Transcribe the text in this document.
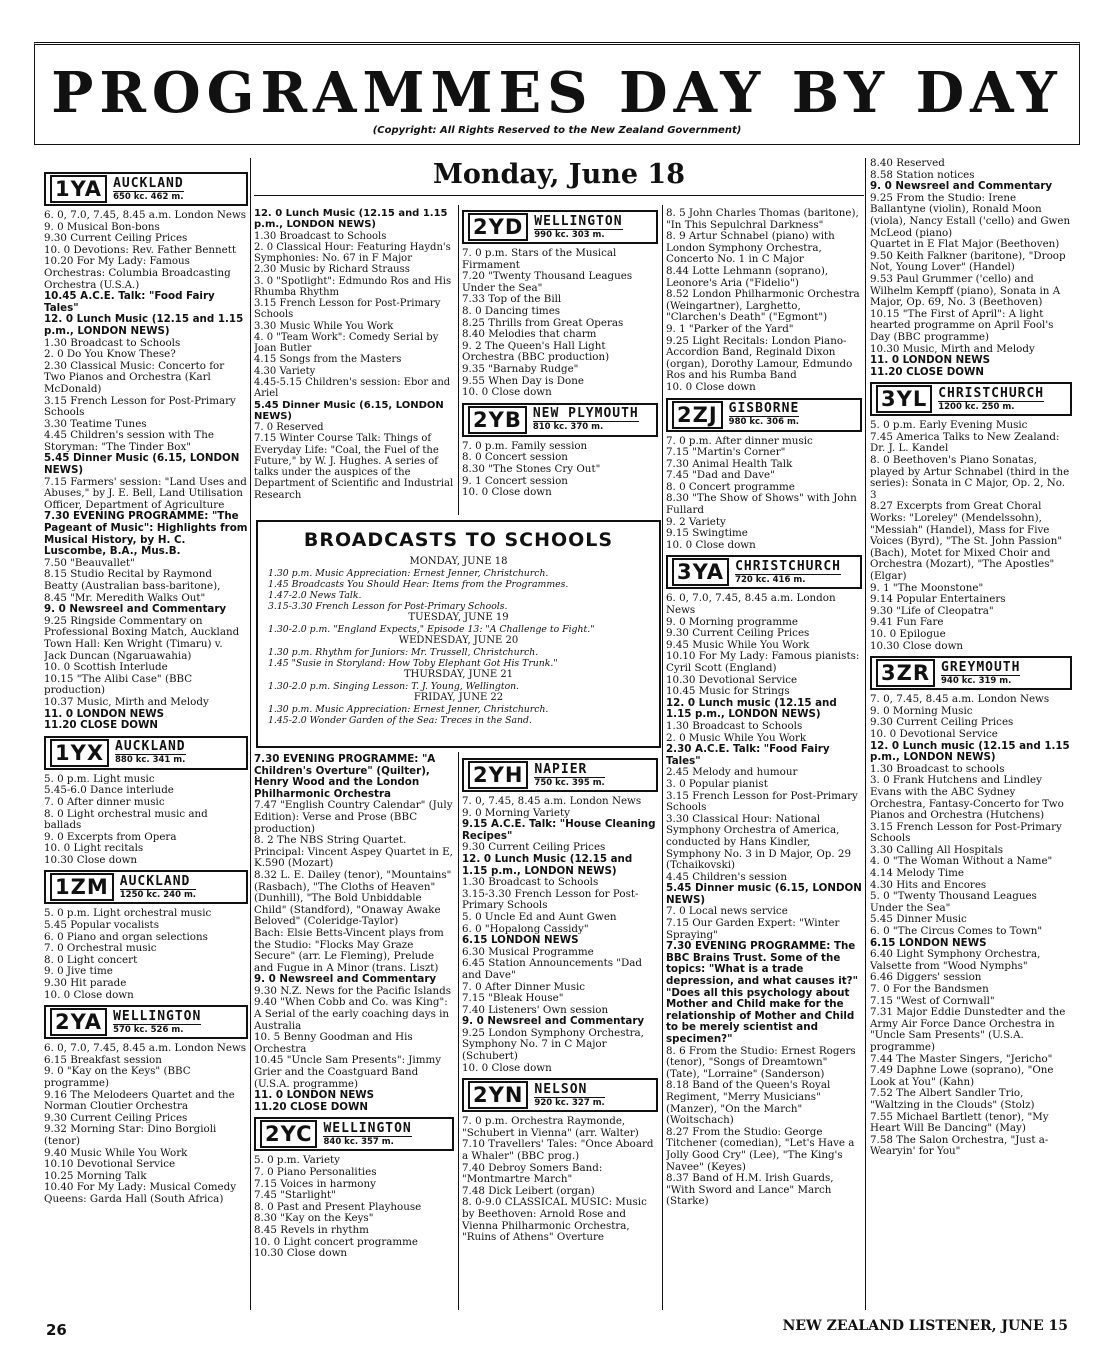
PROGRAMMES DAY BY DAY
(Copyright: All Rights Reserved to the New Zealand Government)
Monday, June 18
1YA AUCKLAND
650 kc. 462 m.
6. 0, 7.0, 7.45, 8.45 a.m. London News
9. 0 Musical Bon-bons
9.30 Current Ceiling Prices
10. 0 Devotions: Rev. Father Bennett
10.20 For My Lady: Famous Orchestras: Columbia Broadcasting Orchestra (U.S.A.)
10.45 A.C.E. Talk: "Food Fairy Tales"
12. 0 Lunch Music (12.15 and 1.15 p.m., LONDON NEWS)
1.30 Broadcast to Schools
2. 0 Do You Know These?
2.30 Classical Music: Concerto for Two Pianos and Orchestra (Karl McDonald)
3.15 French Lesson for Post-Primary Schools
3.30 Teatime Tunes
4.45 Children's session with The Storyman: "The Tinder Box"
5.45 Dinner Music (6.15, LONDON NEWS)
7.15 Farmers' session: "Land Uses and Abuses," by J. E. Bell, Land Utilisation Officer, Department of Agriculture
7.30 EVENING PROGRAMME: "The Pageant of Music": Highlights from Musical History, by H. C. Luscombe, B.A., Mus.B.
7.50 "Beauvallet"
8.15 Studio Recital by Raymond Beatty (Australian bass-baritone),
8.45 "Mr. Meredith Walks Out"
9. 0 Newsreel and Commentary
9.25 Ringside Commentary on Professional Boxing Match, Auckland Town Hall: Ken Wright (Timaru) v. Jack Duncan (Ngaruawahia)
10. 0 Scottish Interlude
10.15 "The Alibi Case" (BBC production)
10.37 Music, Mirth and Melody
11. 0 LONDON NEWS
11.20 CLOSE DOWN
1YX AUCKLAND
880 kc. 341 m.
5. 0 p.m. Light music
5.45-6.0 Dance interlude
7. 0 After dinner music
8. 0 Light orchestral music and ballads
9. 0 Excerpts from Opera
10. 0 Light recitals
10.30 Close down
1ZM AUCKLAND
1250 kc. 240 m.
5. 0 p.m. Light orchestral music
5.45 Popular vocalists
6. 0 Piano and organ selections
7. 0 Orchestral music
8. 0 Light concert
9. 0 Jive time
9.30 Hit parade
10. 0 Close down
2YA WELLINGTON
570 kc. 526 m.
6. 0, 7.0, 7.45, 8.45 a.m. London News
6.15 Breakfast session
9. 0 "Kay on the Keys" (BBC programme)
9.16 The Melodeers Quartet and the Norman Cloutier Orchestra
9.30 Current Ceiling Prices
9.32 Morning Star: Dino Borgioli (tenor)
9.40 Music While You Work
10.10 Devotional Service
10.25 Morning Talk
10.40 For My Lady: Musical Comedy Queens: Garda Hall (South Africa)
12. 0 Lunch Music (12.15 and 1.15 p.m., LONDON NEWS)
1.30 Broadcast to Schools
2. 0 Classical Hour: Featuring Haydn's Symphonies: No. 67 in F Major
2.30 Music by Richard Strauss
3. 0 "Spotlight": Edmundo Ros and His Rhumba Rhythm
3.15 French Lesson for Post-Primary Schools
3.30 Music While You Work
4. 0 "Team Work": Comedy Serial by Joan Butler
4.15 Songs from the Masters
4.30 Variety
4.45-5.15 Children's session: Ebor and Ariel
5.45 Dinner Music (6.15, LONDON NEWS)
7. 0 Reserved
7.15 Winter Course Talk: Things of Everyday Life: "Coal, the Fuel of the Future," by W. J. Hughes. A series of talks under the auspices of the Department of Scientific and Industrial Research
2YD WELLINGTON
990 kc. 303 m.
7. 0 p.m. Stars of the Musical Firmament
7.20 "Twenty Thousand Leagues Under the Sea"
7.33 Top of the Bill
8. 0 Dancing times
8.25 Thrills from Great Operas
8.40 Melodies that charm
9. 2 The Queen's Hall Light Orchestra (BBC production)
9.35 "Barnaby Rudge"
9.55 When Day is Done
10. 0 Close down
2YB NEW PLYMOUTH
810 kc. 370 m.
7. 0 p.m. Family session
8. 0 Concert session
8.30 "The Stones Cry Out"
9. 1 Concert session
10. 0 Close down
BROADCASTS TO SCHOOLS
MONDAY, JUNE 18
1.30 p.m. Music Appreciation: Ernest Jenner, Christchurch.
1.45 Broadcasts You Should Hear: Items from the Programmes.
1.47-2.0 News Talk.
3.15-3.30 French Lesson for Post-Primary Schools.
TUESDAY, JUNE 19
1.30-2.0 p.m. "England Expects," Episode 13: "A Challenge to Fight."
WEDNESDAY, JUNE 20
1.30 p.m. Rhythm for Juniors: Mr. Trussell, Christchurch.
1.45 "Susie in Storyland: How Toby Elephant Got His Trunk."
THURSDAY, JUNE 21
1.30-2.0 p.m. Singing Lesson: T. J. Young, Wellington.
FRIDAY, JUNE 22
1.30 p.m. Music Appreciation: Ernest Jenner, Christchurch.
1.45-2.0 Wonder Garden of the Sea: Treces in the Sand.
7.30 EVENING PROGRAMME: "A Children's Overture" (Quilter), Henry Wood and the London Philharmonic Orchestra
7.47 "English Country Calendar" (July Edition): Verse and Prose (BBC production)
8. 2 The NBS String Quartet. Principal: Vincent Aspey Quartet in E, K.590 (Mozart)
8.32 L. E. Dailey (tenor), "Mountains" (Rasbach), "The Cloths of Heaven" (Dunhill), "The Bold Unbiddable Child" (Standford), "Onaway Awake Beloved" (Coleridge-Taylor)
Bach: Elsie Betts-Vincent plays from the Studio: "Flocks May Graze Secure" (arr. Le Fleming), Prelude and Fugue in A Minor (trans. Liszt)
9. 0 Newsreel and Commentary
9.30 N.Z. News for the Pacific Islands
9.40 "When Cobb and Co. was King": A Serial of the early coaching days in Australia
10. 5 Benny Goodman and His Orchestra
10.45 "Uncle Sam Presents": Jimmy Grier and the Coastguard Band (U.S.A. programme)
11. 0 LONDON NEWS
11.20 CLOSE DOWN
2YC WELLINGTON
840 kc. 357 m.
5. 0 p.m. Variety
7. 0 Piano Personalities
7.15 Voices in harmony
7.45 "Starlight"
8. 0 Past and Present Playhouse
8.30 "Kay on the Keys"
8.45 Revels in rhythm
10. 0 Light concert programme
10.30 Close down
2YH NAPIER
750 kc. 395 m.
7. 0, 7.45, 8.45 a.m. London News
9. 0 Morning Variety
9.15 A.C.E. Talk: "House Cleaning Recipes"
9.30 Current Ceiling Prices
12. 0 Lunch Music (12.15 and 1.15 p.m., LONDON NEWS)
1.30 Broadcast to Schools
3.15-3.30 French Lesson for Post-Primary Schools
5. 0 Uncle Ed and Aunt Gwen
6. 0 "Hopalong Cassidy"
6.15 LONDON NEWS
6.30 Musical Programme
6.45 Station Announcements "Dad and Dave"
7. 0 After Dinner Music
7.15 "Bleak House"
7.40 Listeners' Own session
9. 0 Newsreel and Commentary
9.25 London Symphony Orchestra, Symphony No. 7 in C Major (Schubert)
10. 0 Close down
2YN NELSON
920 kc. 327 m.
7. 0 p.m. Orchestra Raymonde, "Schubert in Vienna" (arr. Walter)
7.10 Travellers' Tales: "Once Aboard a Whaler" (BBC prog.)
7.40 Debroy Somers Band: "Montmartre March"
7.48 Dick Leibert (organ)
8. 0-9.0 CLASSICAL MUSIC: Music by Beethoven: Arnold Rose and Vienna Philharmonic Orchestra, "Ruins of Athens" Overture
8. 5 John Charles Thomas (baritone), "In This Sepulchral Darkness"
8. 9 Artur Schnabel (piano) with London Symphony Orchestra, Concerto No. 1 in C Major
8.44 Lotte Lehmann (soprano), Leonore's Aria ("Fidelio")
8.52 London Philharmonic Orchestra (Weingartner), Larghetto, "Clarchen's Death" ("Egmont")
9. 1 "Parker of the Yard"
9.25 Light Recitals: London Piano-Accordion Band, Reginald Dixon (organ), Dorothy Lamour, Edmundo Ros and his Rumba Band
10. 0 Close down
2ZJ GISBORNE
980 kc. 306 m.
7. 0 p.m. After dinner music
7.15 "Martin's Corner"
7.30 Animal Health Talk
7.45 "Dad and Dave"
8. 0 Concert programme
8.30 "The Show of Shows" with John Fullard
9. 2 Variety
9.15 Swingtime
10. 0 Close down
3YA CHRISTCHURCH
720 kc. 416 m.
6. 0, 7.0, 7.45, 8.45 a.m. London News
9. 0 Morning programme
9.30 Current Ceiling Prices
9.45 Music While You Work
10.10 For My Lady: Famous pianists: Cyril Scott (England)
10.30 Devotional Service
10.45 Music for Strings
12. 0 Lunch music (12.15 and 1.15 p.m., LONDON NEWS)
1.30 Broadcast to Schools
2. 0 Music While You Work
2.30 A.C.E. Talk: "Food Fairy Tales"
2.45 Melody and humour
3. 0 Popular pianist
3.15 French Lesson for Post-Primary Schools
3.30 Classical Hour: National Symphony Orchestra of America, conducted by Hans Kindler, Symphony No. 3 in D Major, Op. 29 (Tchaikovski)
4.45 Children's session
5.45 Dinner music (6.15, LONDON NEWS)
7. 0 Local news service
7.15 Our Garden Expert: "Winter Spraying"
7.30 EVENING PROGRAMME: The BBC Brains Trust. Some of the topics: "What is a trade depression, and what causes it?" "Does all this psychology about Mother and Child make for the relationship of Mother and Child to be merely scientist and specimen?"
8. 6 From the Studio: Ernest Rogers (tenor), "Songs of Dreamtown" (Tate), "Lorraine" (Sanderson)
8.18 Band of the Queen's Royal Regiment, "Merry Musicians" (Manzer), "On the March" (Woitschach)
8.27 From the Studio: George Titchener (comedian), "Let's Have a Jolly Good Cry" (Lee), "The King's Navee" (Keyes)
8.37 Band of H.M. Irish Guards, "With Sword and Lance" March (Starke)
8.40 Reserved
8.58 Station notices
9. 0 Newsreel and Commentary
9.25 From the Studio: Irene Ballantyne (violin), Ronald Moon (viola), Nancy Estall ('cello) and Gwen McLeod (piano)
Quartet in E Flat Major (Beethoven)
9.50 Keith Falkner (baritone), "Droop Not, Young Lover" (Handel)
9.53 Paul Grummer ('cello) and Wilhelm Kempff (piano), Sonata in A Major, Op. 69, No. 3 (Beethoven)
10.15 "The First of April": A light hearted programme on April Fool's Day (BBC programme)
10.30 Music, Mirth and Melody
11. 0 LONDON NEWS
11.20 CLOSE DOWN
3YL CHRISTCHURCH
1200 kc. 250 m.
5. 0 p.m. Early Evening Music
7.45 America Talks to New Zealand: Dr. J. L. Kandel
8. 0 Beethoven's Piano Sonatas, played by Artur Schnabel (third in the series): Sonata in C Major, Op. 2, No. 3
8.27 Excerpts from Great Choral Works: "Loreley" (Mendelssohn), "Messiah" (Handel), Mass for Five Voices (Byrd), "The St. John Passion" (Bach), Motet for Mixed Choir and Orchestra (Mozart), "The Apostles" (Elgar)
9. 1 "The Moonstone"
9.14 Popular Entertainers
9.30 "Life of Cleopatra"
9.41 Fun Fare
10. 0 Epilogue
10.30 Close down
3ZR GREYMOUTH
940 kc. 319 m.
7. 0, 7.45, 8.45 a.m. London News
9. 0 Morning Music
9.30 Current Ceiling Prices
10. 0 Devotional Service
12. 0 Lunch music (12.15 and 1.15 p.m., LONDON NEWS)
1.30 Broadcast to schools
3. 0 Frank Hutchens and Lindley Evans with the ABC Sydney Orchestra, Fantasy-Concerto for Two Pianos and Orchestra (Hutchens)
3.15 French Lesson for Post-Primary Schools
3.30 Calling All Hospitals
4. 0 "The Woman Without a Name"
4.14 Melody Time
4.30 Hits and Encores
5. 0 "Twenty Thousand Leagues Under the Sea"
5.45 Dinner Music
6. 0 "The Circus Comes to Town"
6.15 LONDON NEWS
6.40 Light Symphony Orchestra, Valsette from "Wood Nymphs"
6.46 Diggers' session
7. 0 For the Bandsmen
7.15 "West of Cornwall"
7.31 Major Eddie Dunstedter and the Army Air Force Dance Orchestra in "Uncle Sam Presents" (U.S.A. programme)
7.44 The Master Singers, "Jericho"
7.49 Daphne Lowe (soprano), "One Look at You" (Kahn)
7.52 The Albert Sandler Trio, "Waltzing in the Clouds" (Stolz)
7.55 Michael Bartlett (tenor), "My Heart Will Be Dancing" (May)
7.58 The Salon Orchestra, "Just a-Wearyin' for You"
26	NEW ZEALAND LISTENER, JUNE 15
